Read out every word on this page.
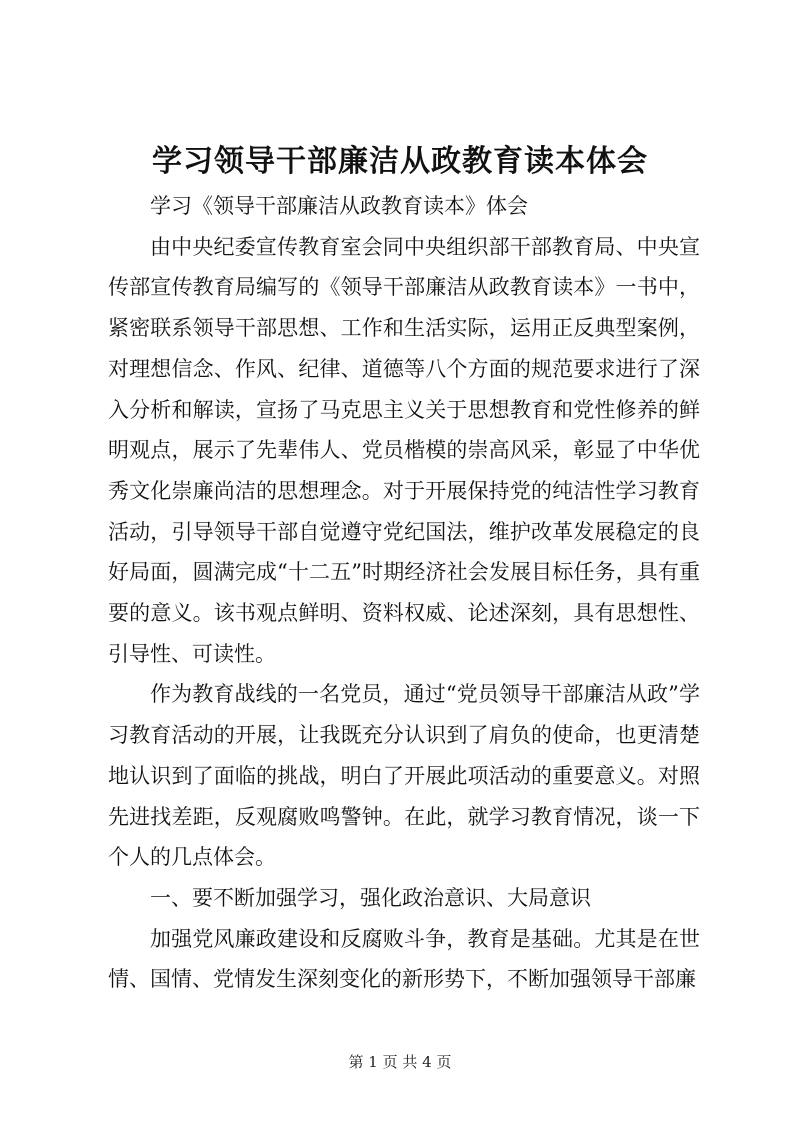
学习领导干部廉洁从政教育读本体会

学习《领导干部廉洁从政教育读本》体会

由中央纪委宣传教育室会同中央组织部干部教育局、中央宣传部宣传教育局编写的《领导干部廉洁从政教育读本》一书中，紧密联系领导干部思想、工作和生活实际，运用正反典型案例，对理想信念、作风、纪律、道德等八个方面的规范要求进行了深入分析和解读，宣扬了马克思主义关于思想教育和党性修养的鲜明观点，展示了先辈伟人、党员楷模的崇高风采，彰显了中华优秀文化崇廉尚洁的思想理念。对于开展保持党的纯洁性学习教育活动，引导领导干部自觉遵守党纪国法，维护改革发展稳定的良好局面，圆满完成“十二五”时期经济社会发展目标任务，具有重要的意义。该书观点鲜明、资料权威、论述深刻，具有思想性、引导性、可读性。

作为教育战线的一名党员，通过“党员领导干部廉洁从政”学习教育活动的开展，让我既充分认识到了肩负的使命，也更清楚地认识到了面临的挑战，明白了开展此项活动的重要意义。对照先进找差距，反观腐败鸣警钟。在此，就学习教育情况，谈一下个人的几点体会。

一、要不断加强学习，强化政治意识、大局意识

加强党风廉政建设和反腐败斗争，教育是基础。尤其是在世情、国情、党情发生深刻变化的新形势下，不断加强领导干部廉

第 1 页 共 4 页
